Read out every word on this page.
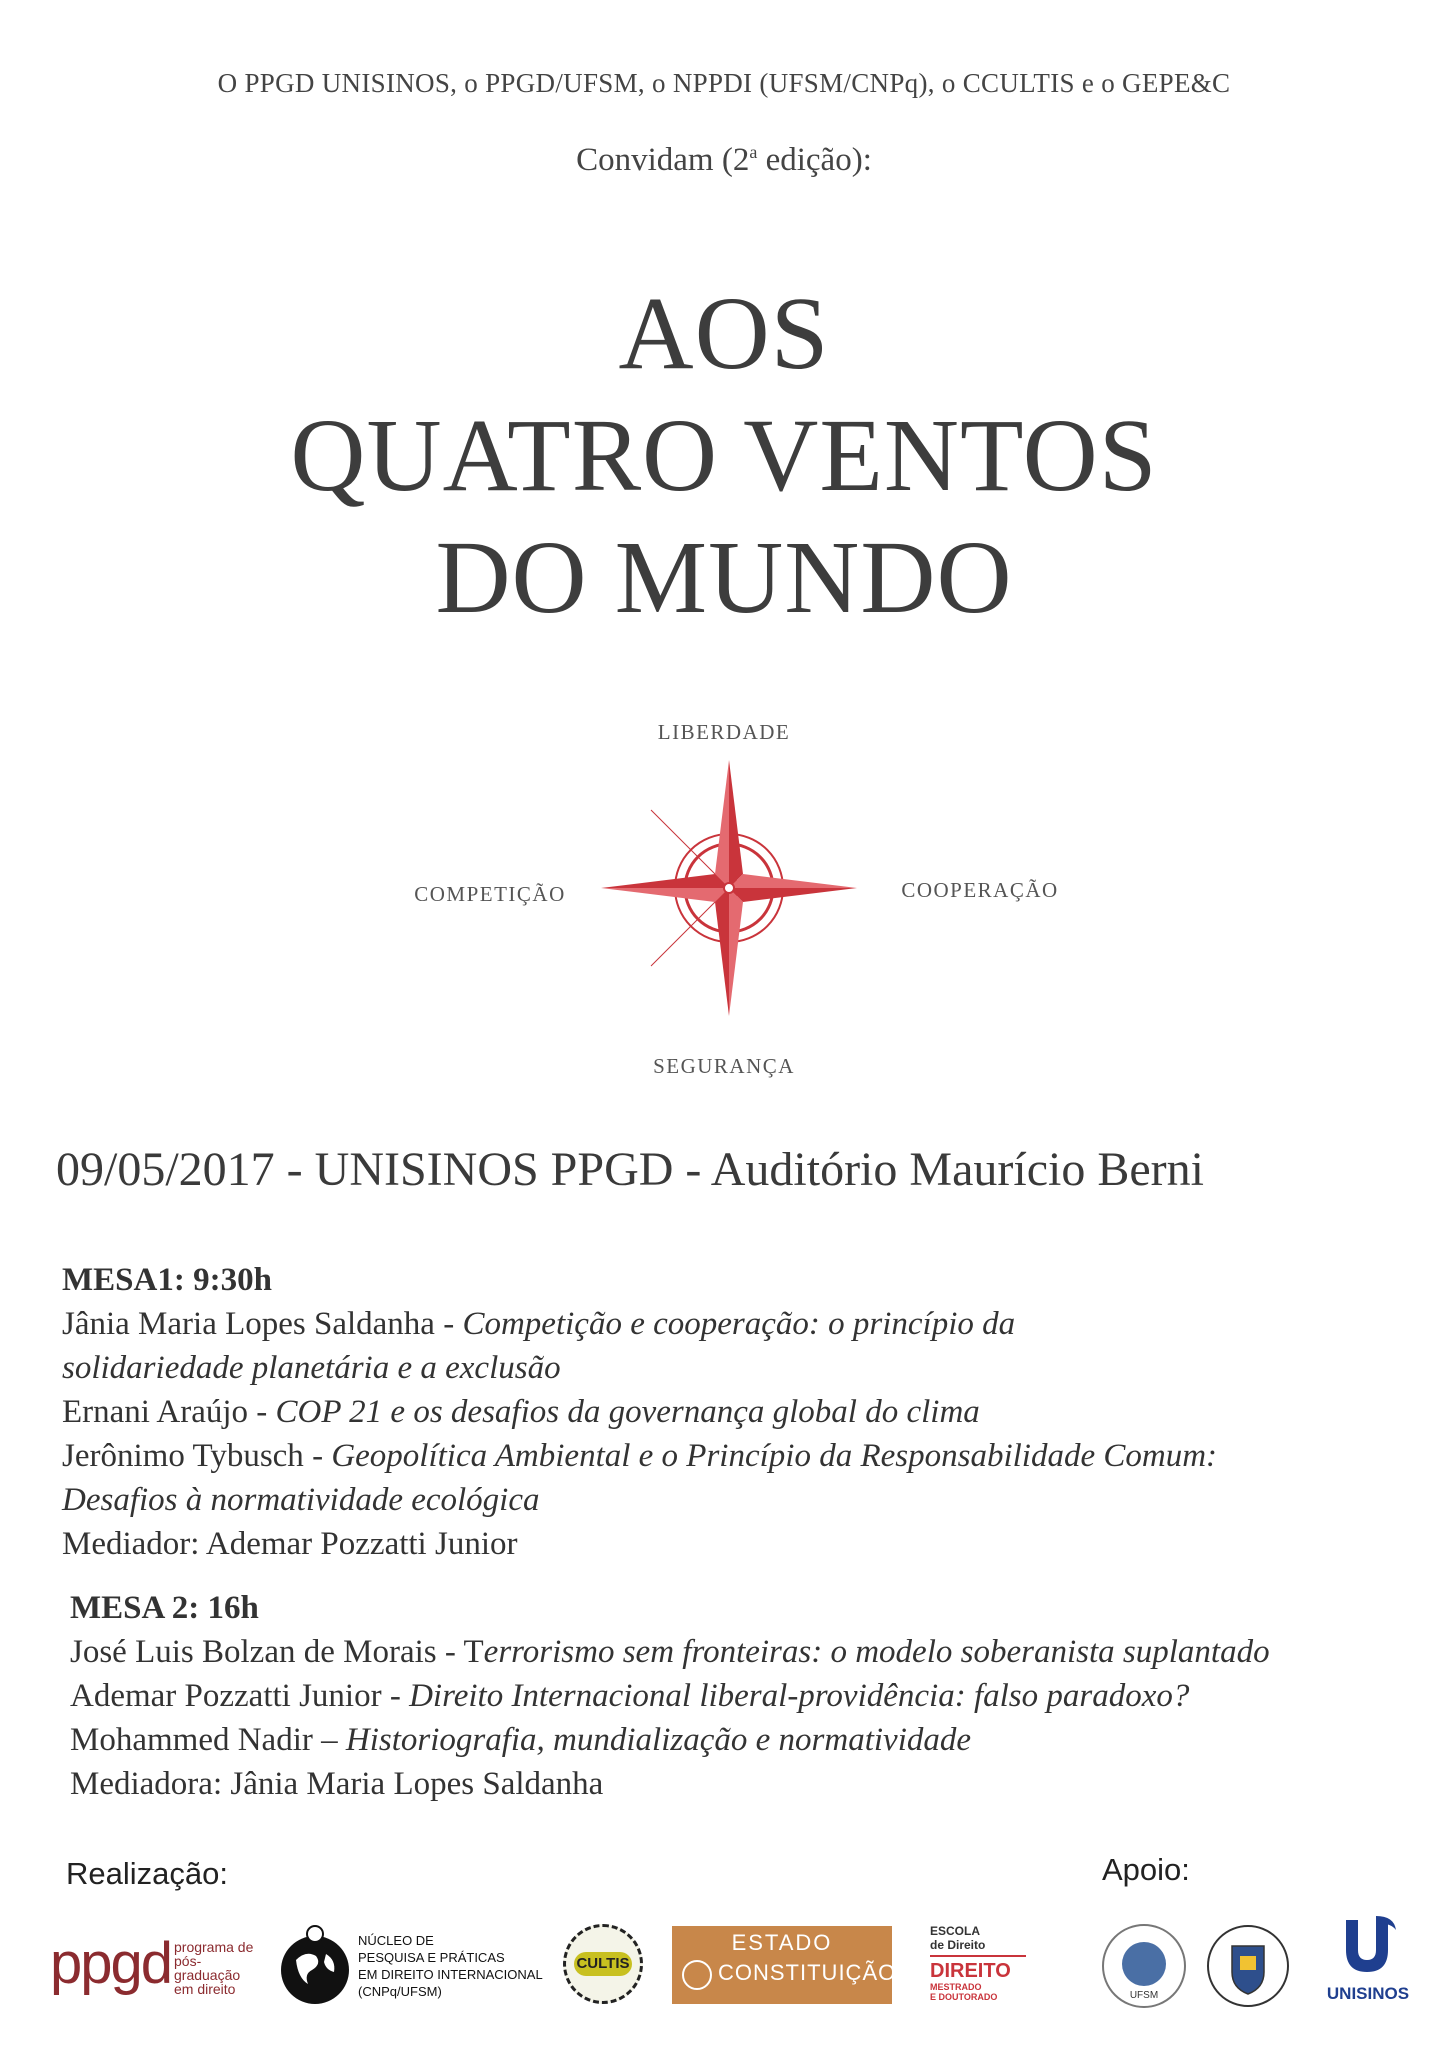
O PPGD UNISINOS, o PPGD/UFSM, o NPPDI (UFSM/CNPq), o CCULTIS e o GEPE&C
Convidam (2$^a$ edição):
AOS
QUATRO VENTOS
DO MUNDO
LIBERDADE
COMPETIÇÃO	COOPERAÇÃO
SEGURANÇA
09/05/2017 - UNISINOS PPGD - Auditório Maurício Berni
MESA1: 9:30h
Jânia Maria Lopes Saldanha - Competição e cooperação: o princípio da
solidariedade planetária e a exclusão
Ernani Araújo - COP 21 e os desafios da governança global do clima
Jerônimo Tybusch - Geopolítica Ambiental e o Princípio da Responsabilidade Comum:
Desafios à normatividade ecológica
Mediador: Ademar Pozzatti Junior
MESA 2: 16h
José Luis Bolzan de Morais - Terrorismo sem fronteiras: o modelo soberanista suplantado
Ademar Pozzatti Junior - Direito Internacional liberal-providência: falso paradoxo?
Mohammed Nadir – Historiografia, mundialização e normatividade
Mediadora: Jânia Maria Lopes Saldanha
Realização:	Apoio:
ppgd programa de
pós-graduação
em direito
NÚCLEO DE
PESQUISA E PRÁTICAS
EM DIREITO INTERNACIONAL
(CNPq/UFSM)
CULTIS
ESTADO
CONSTITUIÇÃO
ESCOLA
de Direito
DIREITO
MESTRADO
E DOUTORADO	UFSM	UNISINOS
